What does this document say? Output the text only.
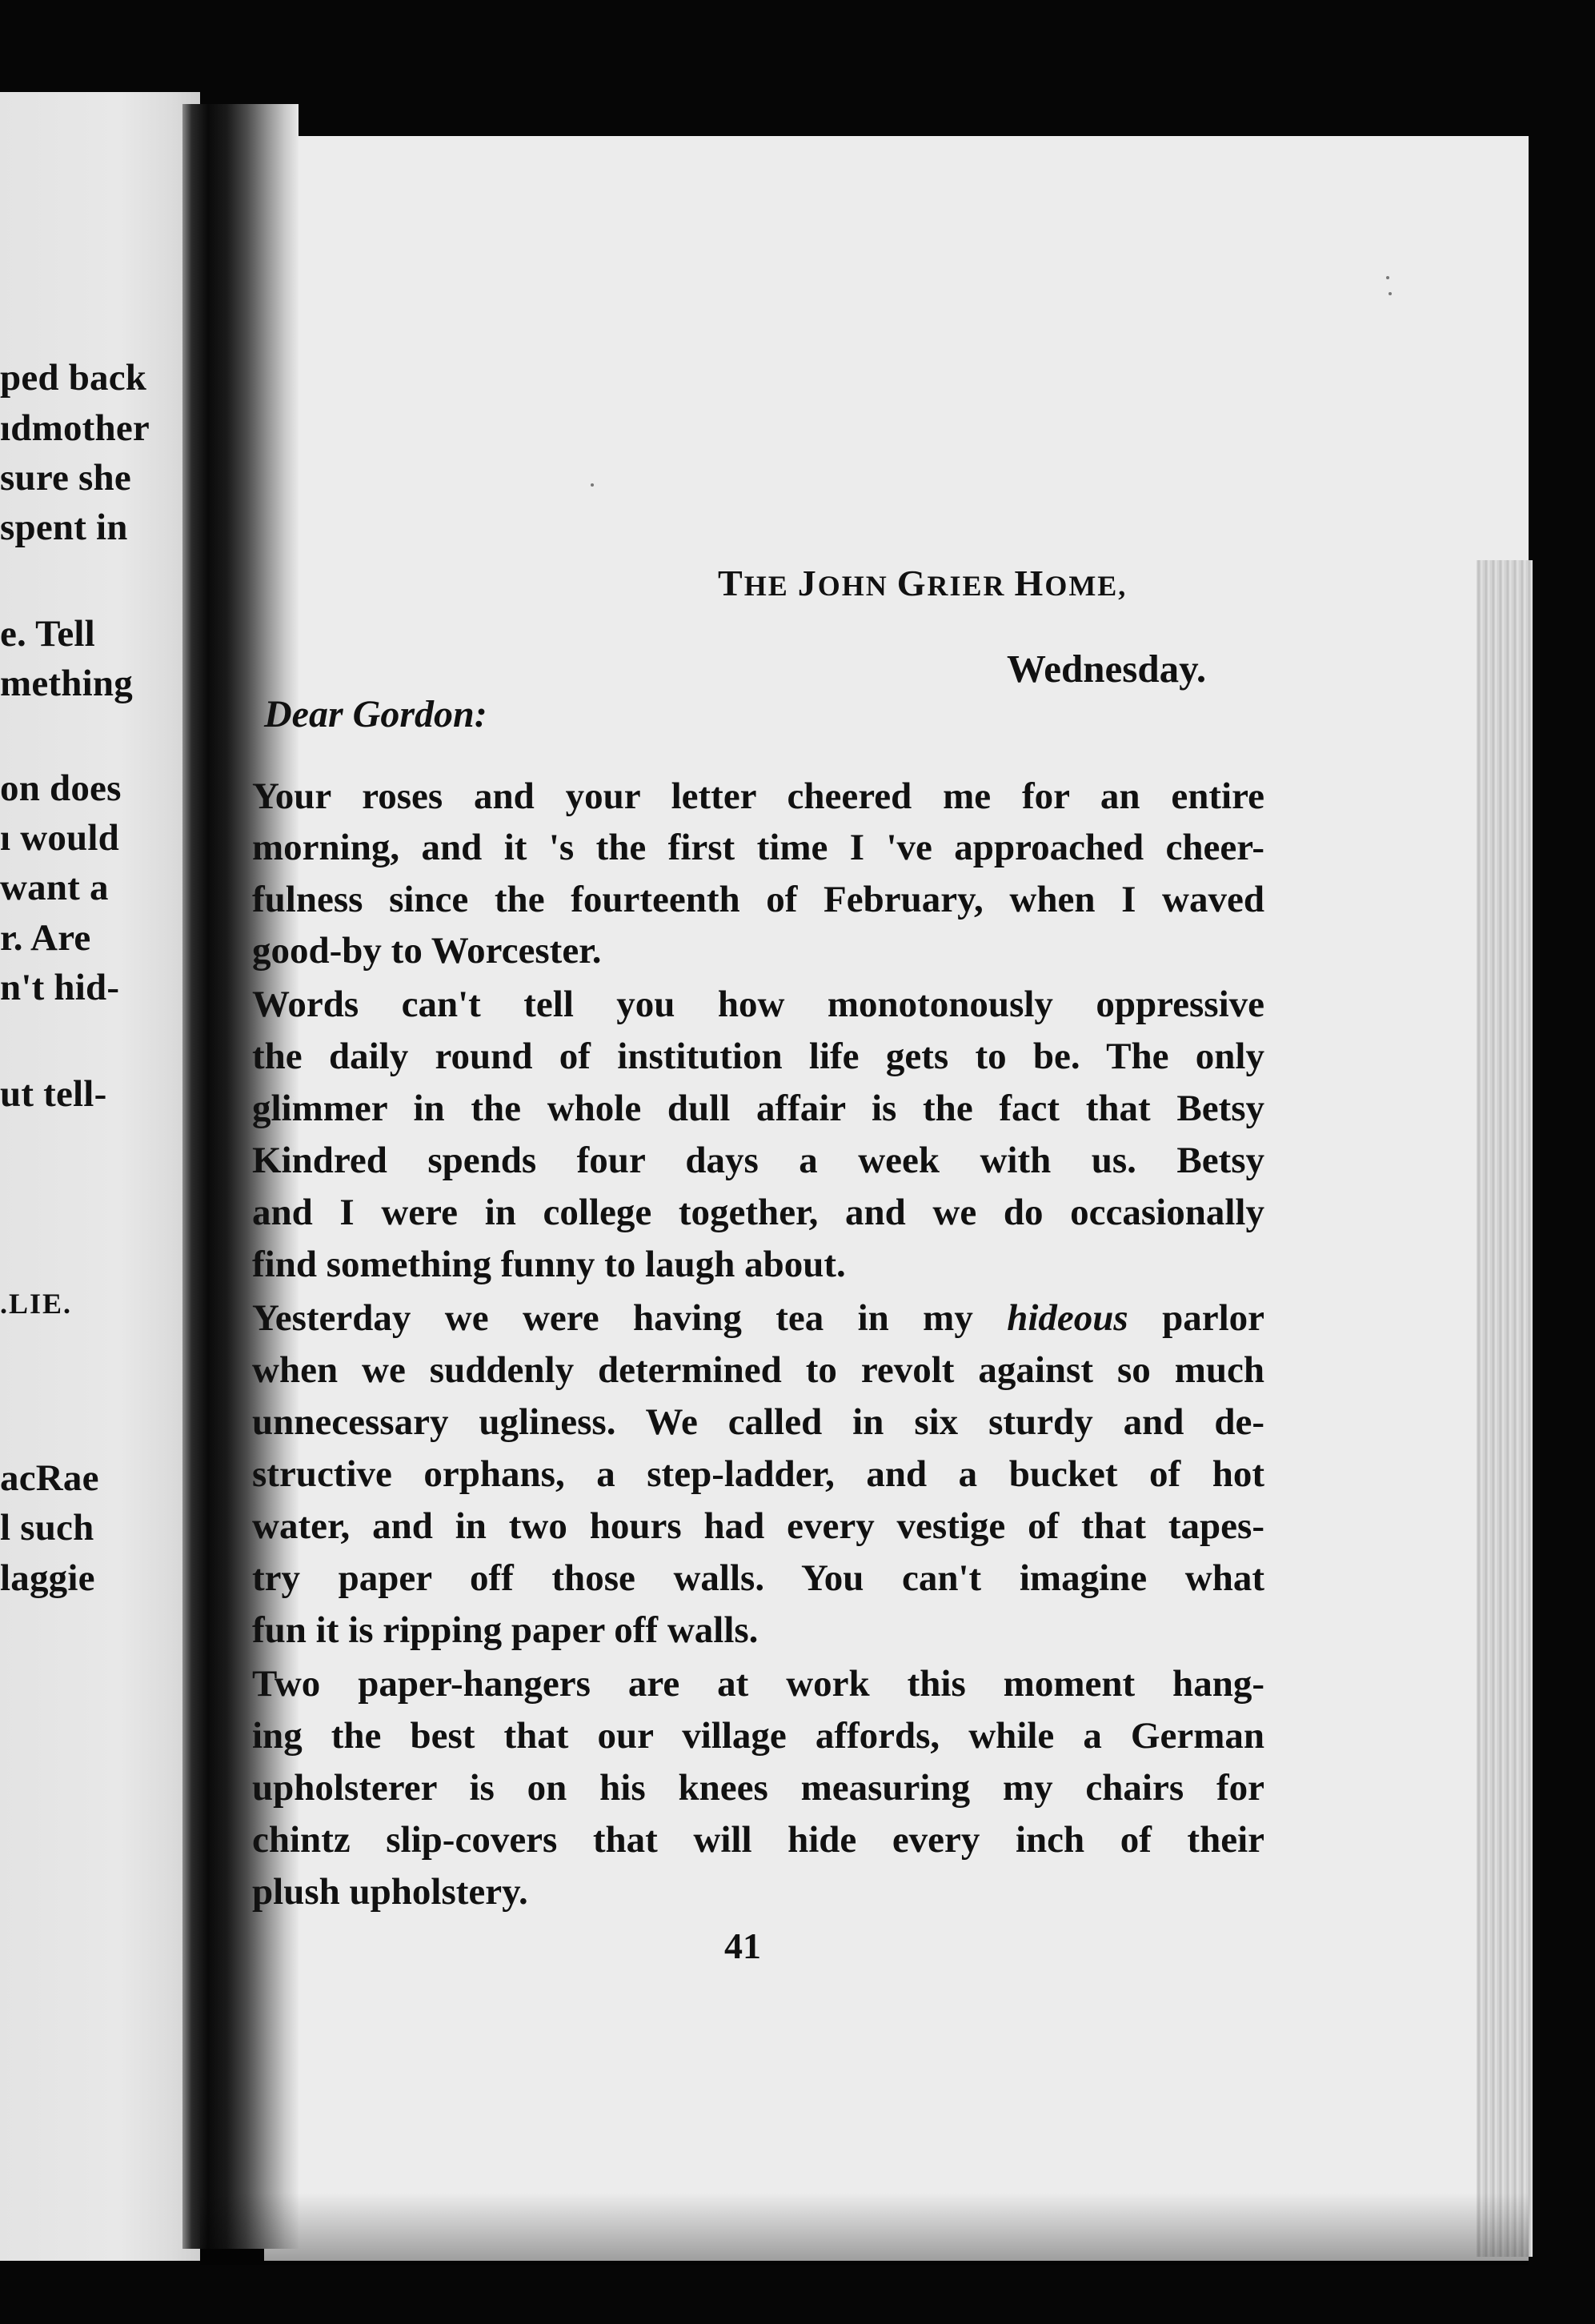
ped back
ıdmother
sure she
spent in
e. Tell
mething
on does
ı would
want a
r. Are
n't hid-
ut tell-
.LIE.
acRae
l such
laggie
THE JOHN GRIER HOME,
Wednesday.
Dear Gordon:
Your roses and your letter cheered me for an entire
morning, and it 's the first time I 've approached cheer-
fulness since the fourteenth of February, when I waved
good-by to Worcester.
Words can't tell you how monotonously oppressive
the daily round of institution life gets to be. The only
glimmer in the whole dull affair is the fact that Betsy
Kindred spends four days a week with us. Betsy
and I were in college together, and we do occasionally
find something funny to laugh about.
Yesterday we were having tea in my hideous parlor
when we suddenly determined to revolt against so much
unnecessary ugliness. We called in six sturdy and de-
structive orphans, a step-ladder, and a bucket of hot
water, and in two hours had every vestige of that tapes-
try paper off those walls. You can't imagine what
fun it is ripping paper off walls.
Two paper-hangers are at work this moment hang-
ing the best that our village affords, while a German
upholsterer is on his knees measuring my chairs for
chintz slip-covers that will hide every inch of their
plush upholstery.
41
